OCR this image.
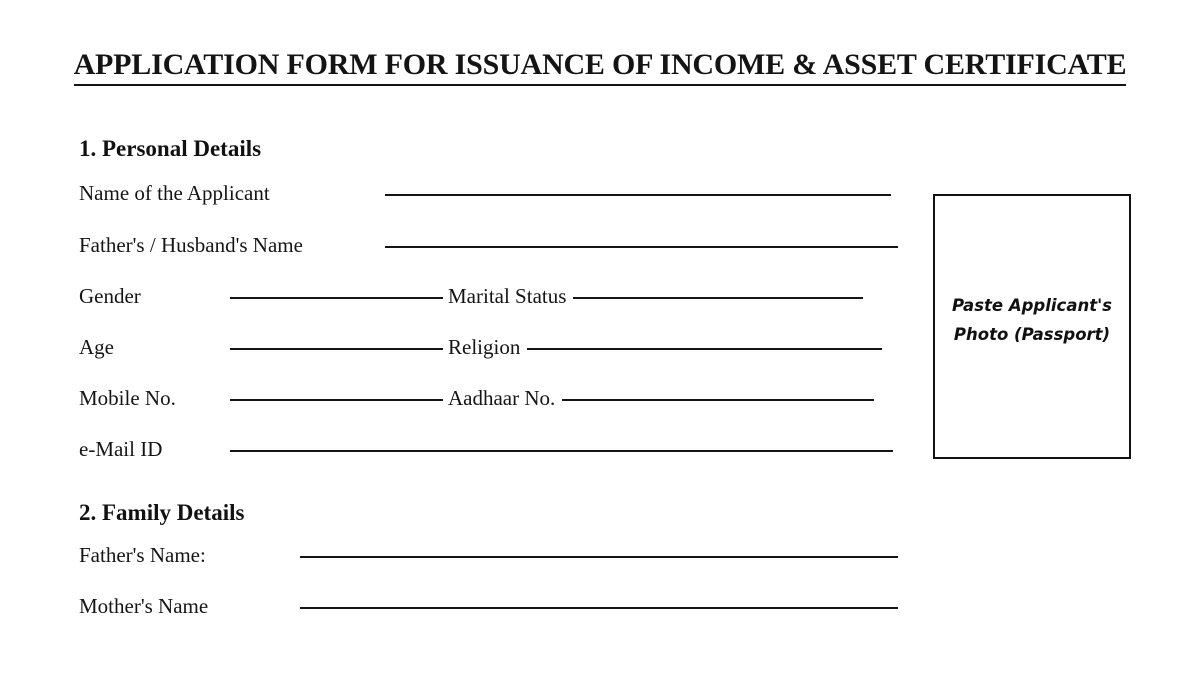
APPLICATION FORM FOR ISSUANCE OF INCOME & ASSET CERTIFICATE
1. Personal Details
Name of the Applicant
Father's / Husband's Name
Gender	Marital Status
Age	Religion
Mobile No.	Aadhaar No.
e-Mail ID
2. Family Details
Father's Name:
Mother's Name
Paste Applicant's
Photo (Passport)
